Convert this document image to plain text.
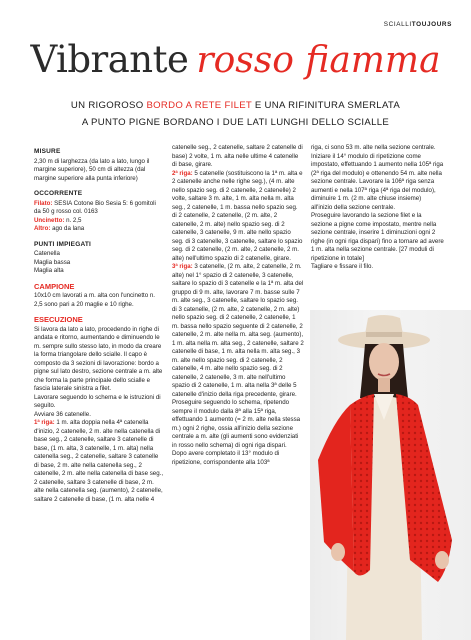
SCIALLITOUJOURS
Vibrante rosso fiamma
UN RIGOROSO BORDO A RETE FILET E UNA RIFINITURA SMERLATA
A PUNTO PIGNE BORDANO I DUE LATI LUNGHI DELLO SCIALLE
MISURE

2,30 m di larghezza (da lato a lato, lungo il margine superiore), 50 cm di altezza (dal margine superiore alla punta inferiore)

OCCORRENTE

Filato: SESIA Cotone Bio Sesia 5: 6 gomitoli da 50 g rosso col. 0163

Uncinetto: n. 2,5

Altro: ago da lana

PUNTI IMPIEGATI

Catenella

Maglia bassa

Maglia alta

CAMPIONE

10x10 cm lavorati a m. alta con l'uncinetto n. 2,5 sono pari a 20 maglie e 10 righe.

ESECUZIONE

Si lavora da lato a lato, procedendo in righe di andata e ritorno, aumentando e diminuendo le m. sempre sullo stesso lato, in modo da creare la forma triangolare dello scialle. Il capo è composto da 3 sezioni di lavorazione: bordo a pigne sul lato destro, sezione centrale a m. alte che forma la parte principale dello scialle e fascia laterale sinistra a filet.

Lavorare seguendo lo schema e le istruzioni di seguito.

Avviare 36 catenelle.

1ª riga: 1 m. alta doppia nella 4ª catenella d'inizio, 2 catenelle, 2 m. alte nella catenella di base seg., 2 catenelle, saltare 3 catenelle di base, (1 m. alta, 3 catenelle, 1 m. alta) nella catenella seg., 2 catenelle, saltare 3 catenelle di base, 2 m. alte nella catenella seg., 2 catenelle, 2 m. alte nella catenella di base seg., 2 catenelle, saltare 3 catenelle di base, 2 m. alte nella catenella seg. (aumento), 2 catenelle, saltare 2 catenelle di base, (1 m. alta nelle 4

catenelle seg., 2 catenelle, saltare 2 catenelle di base) 2 volte, 1 m. alta nelle ultime 4 catenelle di base, girare.

2ª riga: 5 catenelle (sostituiscono la 1ª m. alta e 2 catenelle anche nelle righe seg.), (4 m. alte nello spazio seg. di 2 catenelle, 2 catenelle) 2 volte, saltare 3 m. alte, 1 m. alta nella m. alta seg., 2 catenelle, 1 m. bassa nello spazio seg. di 2 catenelle, 2 catenelle, (2 m. alte, 2 catenelle, 2 m. alte) nello spazio seg. di 2 catenelle, 3 catenelle, 9 m. alte nello spazio seg. di 3 catenelle, 3 catenelle, saltare lo spazio seg. di 2 catenelle, (2 m. alte, 2 catenelle, 2 m. alte) nell'ultimo spazio di 2 catenelle, girare.

3ª riga: 3 catenelle, (2 m. alte, 2 catenelle, 2 m. alte) nel 1° spazio di 2 catenelle, 3 catenelle, saltare lo spazio di 3 catenelle e la 1ª m. alta del gruppo di 9 m. alte, lavorare 7 m. basse sulle 7 m. alte seg., 3 catenelle, saltare lo spazio seg. di 3 catenelle, (2 m. alte, 2 catenelle, 2 m. alte) nello spazio seg. di 2 catenelle, 2 catenelle, 1 m. bassa nello spazio seguente di 2 catenelle, 2 catenelle, 2 m. alte nella m. alta seg. (aumento), 1 m. alta nella m. alta seg., 2 catenelle, saltare 2 catenelle di base, 1 m. alta nella m. alta seg., 3 m. alte nello spazio seg. di 2 catenelle, 2 catenelle, 4 m. alte nello spazio seg. di 2 catenelle, 2 catenelle, 3 m. alte nell'ultimo spazio di 2 catenelle, 1 m. alta nella 3ª delle 5 catenelle d'inizio della riga precedente, girare.

Proseguire seguendo lo schema, ripetendo sempre il modulo dalla 8ª alla 15ª riga, effettuando 1 aumento (= 2 m. alte nella stessa m.) ogni 2 righe, ossia all'inizio della sezione centrale a m. alte (gli aumenti sono evidenziati in rosso nello schema) di ogni riga dispari.

Dopo avere completato il 13° modulo di ripetizione, corrispondente alla 103ª

riga, ci sono 53 m. alte nella sezione centrale.

Iniziare il 14° modulo di ripetizione come impostato, effettuando 1 aumento nella 105ª riga (2ª riga del modulo) e ottenendo 54 m. alte nella sezione centrale. Lavorare la 106ª riga senza aumenti e nella 107ª riga (4ª riga del modulo), diminuire 1 m. (2 m. alte chiuse insieme) all'inizio della sezione centrale.

Proseguire lavorando la sezione filet e la sezione a pigne come impostato, mentre nella sezione centrale, inserire 1 diminuzioni ogni 2 righe (in ogni riga dispari) fino a tornare ad avere 1 m. alta nella sezione centrale. [27 moduli di ripetizione in totale]

Tagliare e fissare il filo.
